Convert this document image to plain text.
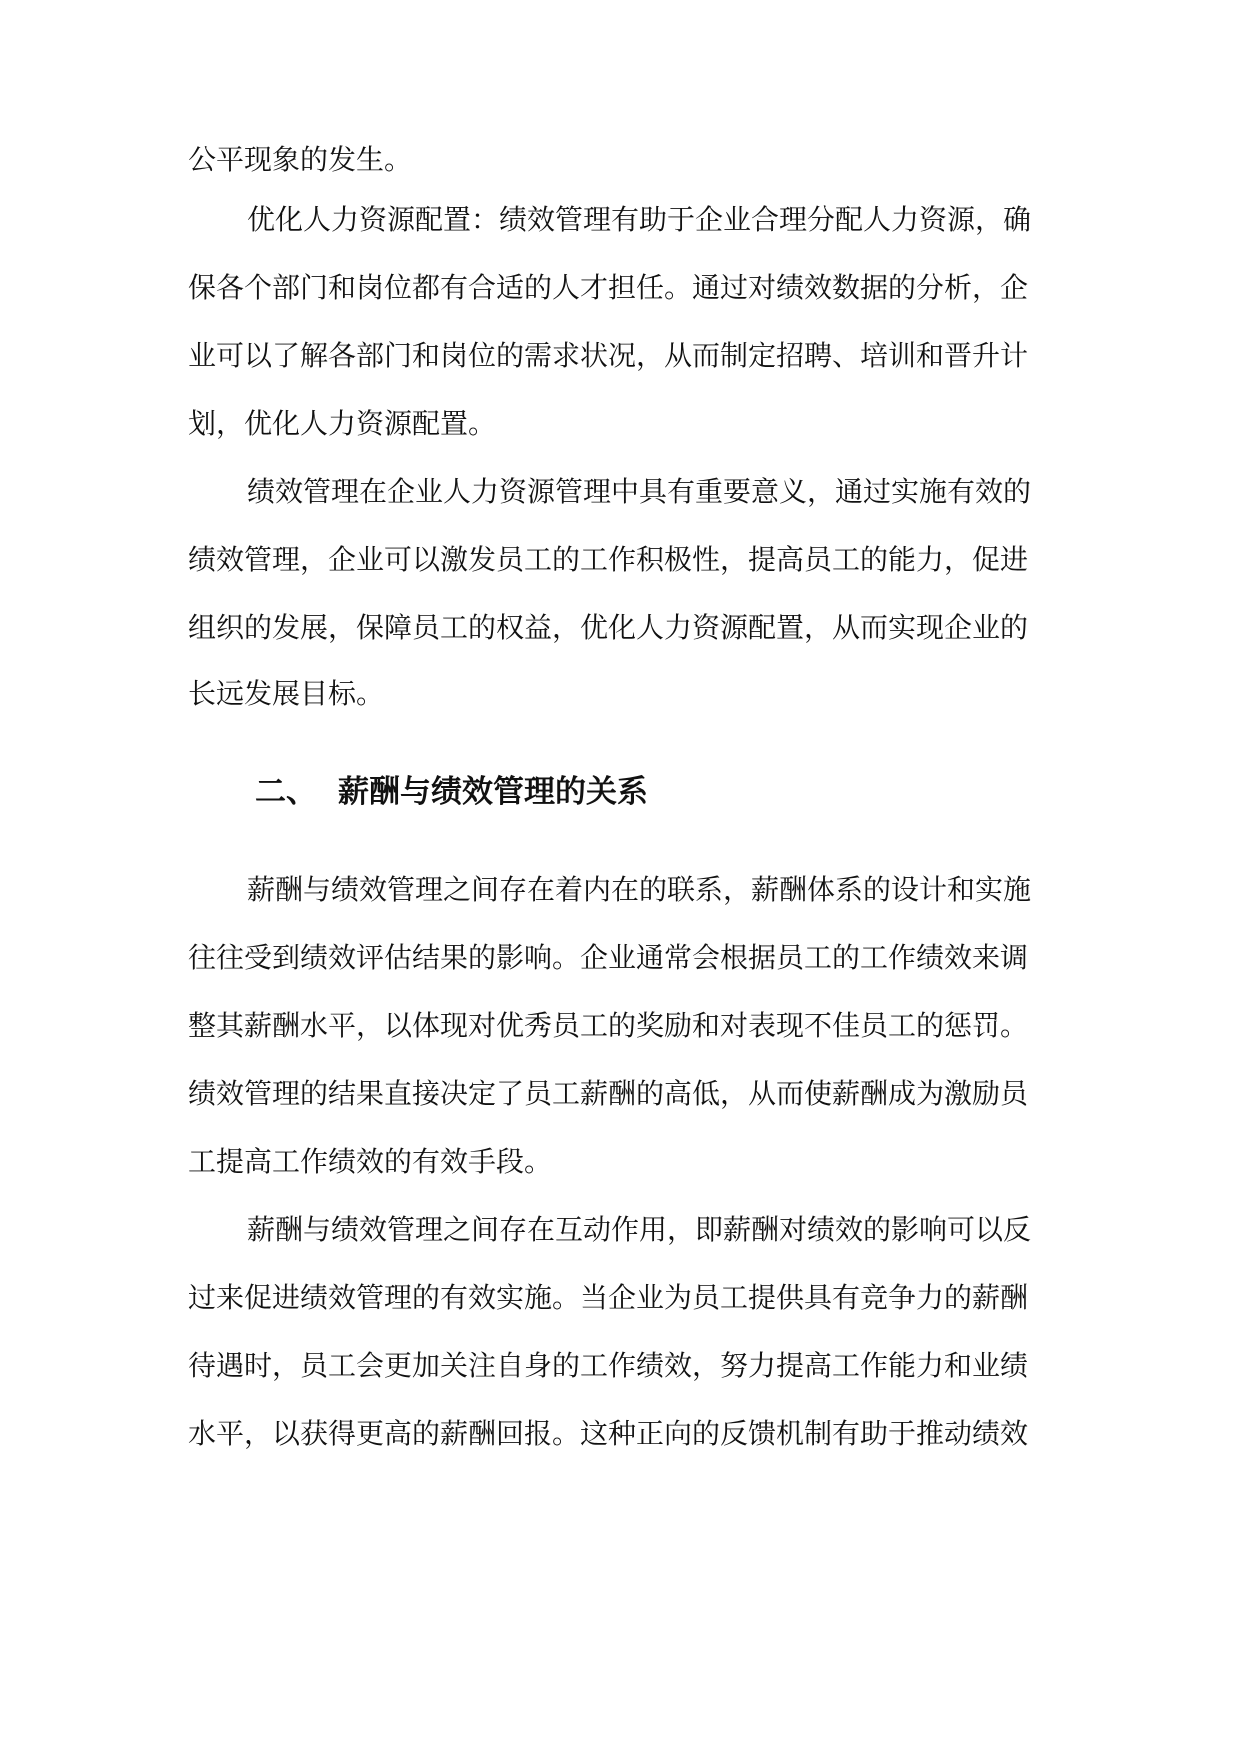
公平现象的发生。
优化人力资源配置：绩效管理有助于企业合理分配人力资源，确
保各个部门和岗位都有合适的人才担任。通过对绩效数据的分析，企
业可以了解各部门和岗位的需求状况，从而制定招聘、培训和晋升计
划，优化人力资源配置。
绩效管理在企业人力资源管理中具有重要意义，通过实施有效的
绩效管理，企业可以激发员工的工作积极性，提高员工的能力，促进
组织的发展，保障员工的权益，优化人力资源配置，从而实现企业的
长远发展目标。
二、 薪酬与绩效管理的关系
薪酬与绩效管理之间存在着内在的联系，薪酬体系的设计和实施
往往受到绩效评估结果的影响。企业通常会根据员工的工作绩效来调
整其薪酬水平，以体现对优秀员工的奖励和对表现不佳员工的惩罚。
绩效管理的结果直接决定了员工薪酬的高低，从而使薪酬成为激励员
工提高工作绩效的有效手段。
薪酬与绩效管理之间存在互动作用，即薪酬对绩效的影响可以反
过来促进绩效管理的有效实施。当企业为员工提供具有竞争力的薪酬
待遇时，员工会更加关注自身的工作绩效，努力提高工作能力和业绩
水平，以获得更高的薪酬回报。这种正向的反馈机制有助于推动绩效
